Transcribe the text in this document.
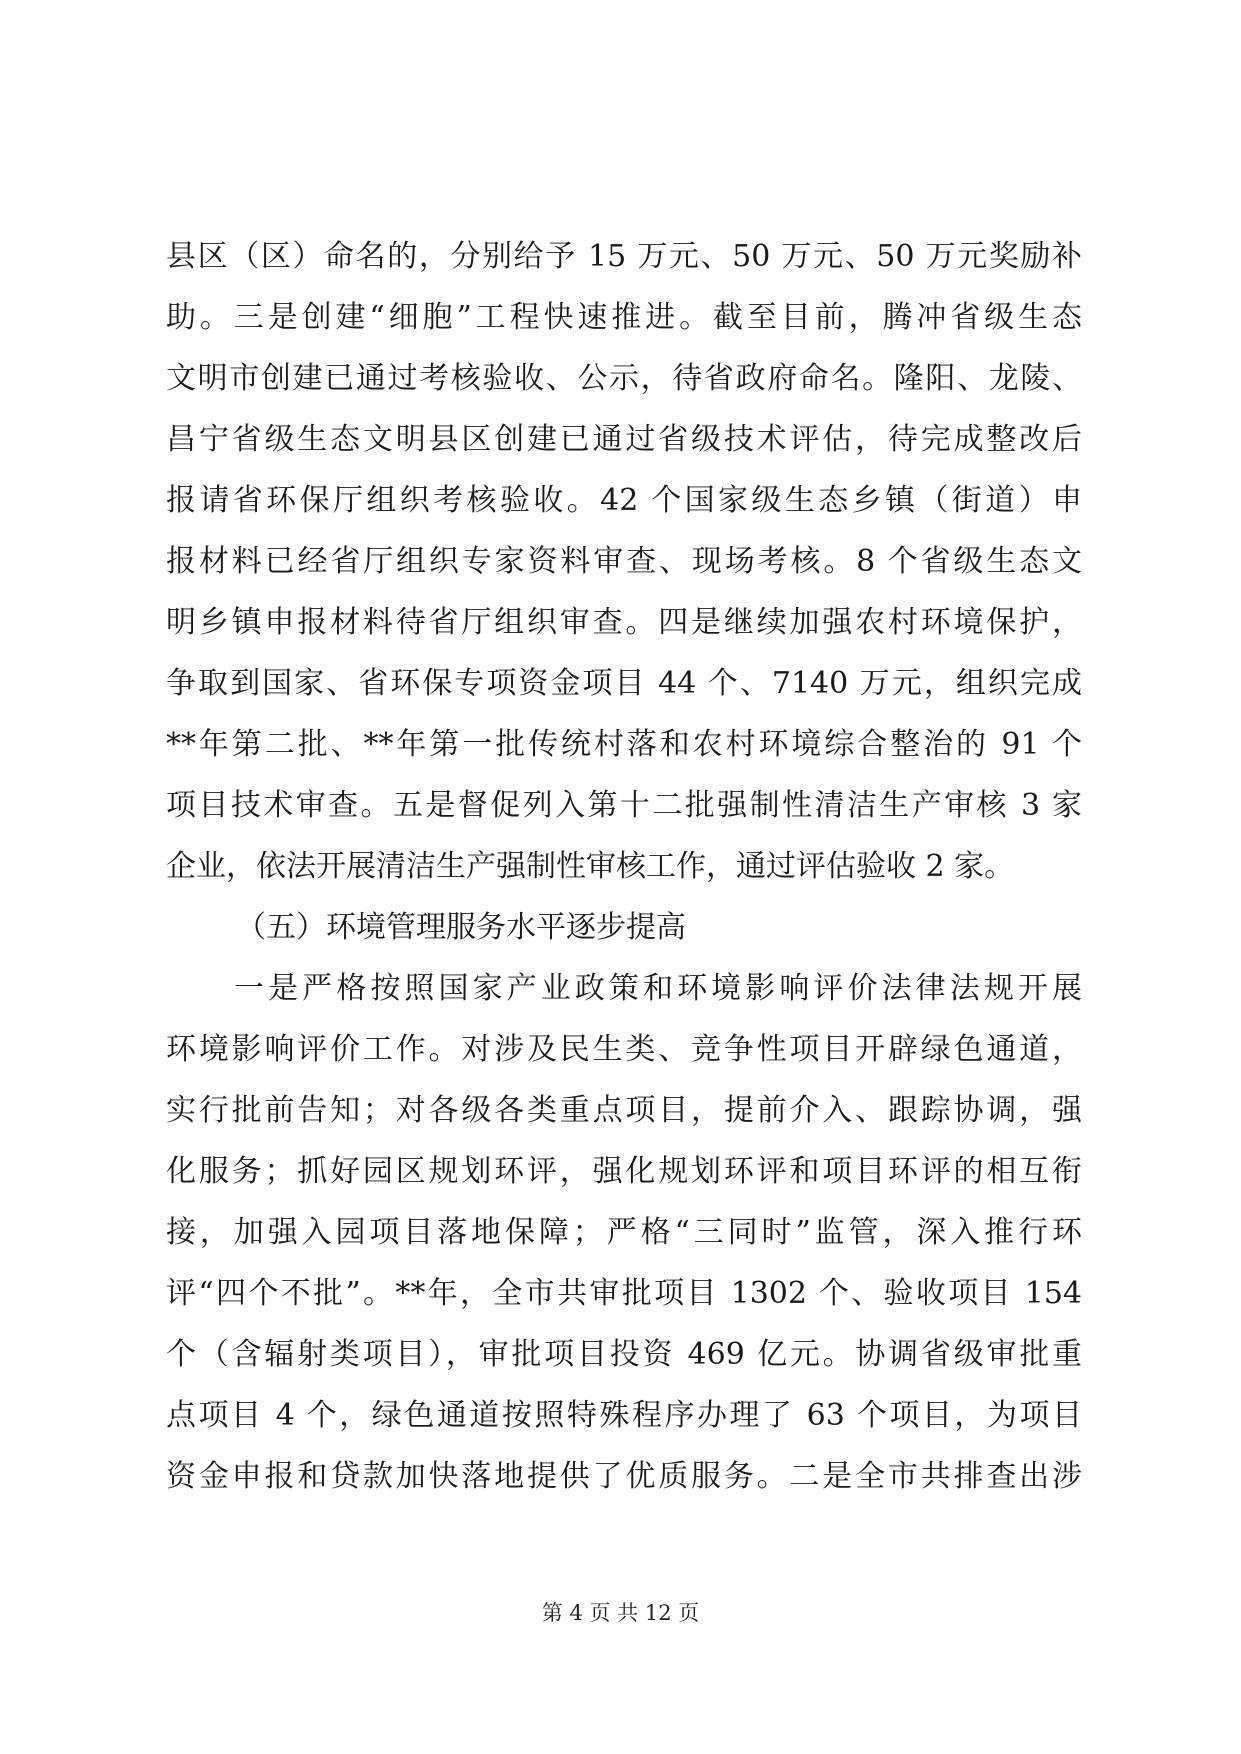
县区（区）命名的，分别给予 15 万元、50 万元、50 万元奖励补
助。三是创建“细胞”工程快速推进。截至目前，腾冲省级生态
文明市创建已通过考核验收、公示，待省政府命名。隆阳、龙陵、
昌宁省级生态文明县区创建已通过省级技术评估，待完成整改后
报请省环保厅组织考核验收。42 个国家级生态乡镇（街道）申
报材料已经省厅组织专家资料审查、现场考核。8 个省级生态文
明乡镇申报材料待省厅组织审查。四是继续加强农村环境保护，
争取到国家、省环保专项资金项目 44 个、7140 万元，组织完成
**年第二批、**年第一批传统村落和农村环境综合整治的 91 个
项目技术审查。五是督促列入第十二批强制性清洁生产审核 3 家
企业，依法开展清洁生产强制性审核工作，通过评估验收 2 家。
（五）环境管理服务水平逐步提高
一是严格按照国家产业政策和环境影响评价法律法规开展
环境影响评价工作。对涉及民生类、竞争性项目开辟绿色通道，
实行批前告知；对各级各类重点项目，提前介入、跟踪协调，强
化服务；抓好园区规划环评，强化规划环评和项目环评的相互衔
接，加强入园项目落地保障；严格“三同时”监管，深入推行环
评“四个不批”。**年，全市共审批项目 1302 个、验收项目 154
个（含辐射类项目），审批项目投资 469 亿元。协调省级审批重
点项目 4 个，绿色通道按照特殊程序办理了 63 个项目，为项目
资金申报和贷款加快落地提供了优质服务。二是全市共排查出涉
第 4 页 共 12 页
